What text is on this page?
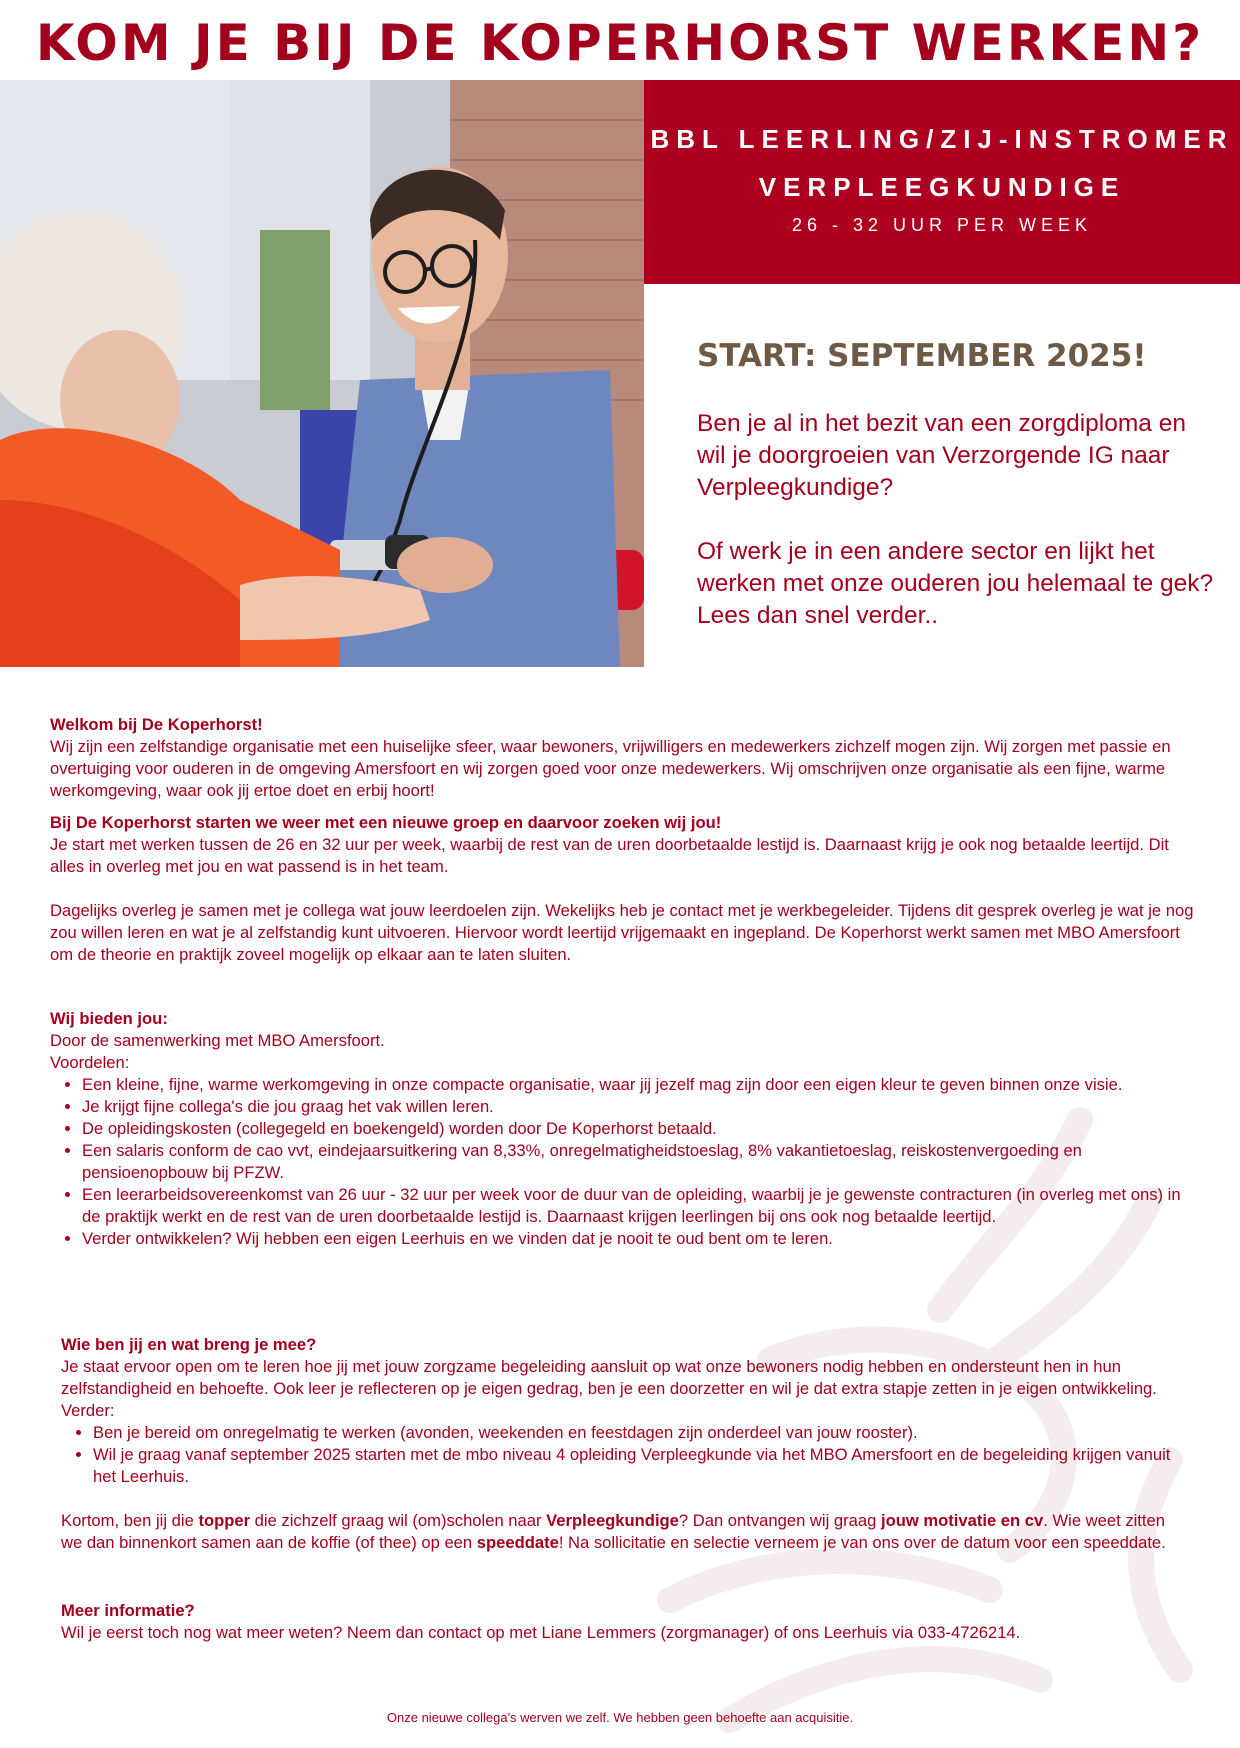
KOM JE BIJ DE KOPERHORST WERKEN?
BBL LEERLING/ZIJ-INSTROMER
VERPLEEGKUNDIGE
26 - 32 UUR PER WEEK
START: SEPTEMBER 2025!

Ben je al in het bezit van een zorgdiploma en wil je doorgroeien van Verzorgende IG naar Verpleegkundige?

Of werk je in een andere sector en lijkt het werken met onze ouderen jou helemaal te gek? Lees dan snel verder..

Welkom bij De Koperhorst!

Wij zijn een zelfstandige organisatie met een huiselijke sfeer, waar bewoners, vrijwilligers en medewerkers zichzelf mogen zijn. Wij zorgen met passie en overtuiging voor ouderen in de omgeving Amersfoort en wij zorgen goed voor onze medewerkers. Wij omschrijven onze organisatie als een fijne, warme werkomgeving, waar ook jij ertoe doet en erbij hoort!

Bij De Koperhorst starten we weer met een nieuwe groep en daarvoor zoeken wij jou!

Je start met werken tussen de 26 en 32 uur per week, waarbij de rest van de uren doorbetaalde lestijd is. Daarnaast krijg je ook nog betaalde leertijd. Dit alles in overleg met jou en wat passend is in het team.

Dagelijks overleg je samen met je collega wat jouw leerdoelen zijn. Wekelijks heb je contact met je werkbegeleider. Tijdens dit gesprek overleg je wat je nog zou willen leren en wat je al zelfstandig kunt uitvoeren. Hiervoor wordt leertijd vrijgemaakt en ingepland. De Koperhorst werkt samen met MBO Amersfoort om de theorie en praktijk zoveel mogelijk op elkaar aan te laten sluiten.

Wij bieden jou:

Door de samenwerking met MBO Amersfoort.

Voordelen:

• Een kleine, fijne, warme werkomgeving in onze compacte organisatie, waar jij jezelf mag zijn door een eigen kleur te geven binnen onze visie.
• Je krijgt fijne collega's die jou graag het vak willen leren.
• De opleidingskosten (collegegeld en boekengeld) worden door De Koperhorst betaald.
• Een salaris conform de cao vvt, eindejaarsuitkering van 8,33%, onregelmatigheidstoeslag, 8% vakantietoeslag, reiskostenvergoeding en pensioenopbouw bij PFZW.
• Een leerarbeidsovereenkomst van 26 uur - 32 uur per week voor de duur van de opleiding, waarbij je je gewenste contracturen (in overleg met ons) in de praktijk werkt en de rest van de uren doorbetaalde lestijd is. Daarnaast krijgen leerlingen bij ons ook nog betaalde leertijd.
• Verder ontwikkelen? Wij hebben een eigen Leerhuis en we vinden dat je nooit te oud bent om te leren.

Wie ben jij en wat breng je mee?

Je staat ervoor open om te leren hoe jij met jouw zorgzame begeleiding aansluit op wat onze bewoners nodig hebben en ondersteunt hen in hun zelfstandigheid en behoefte. Ook leer je reflecteren op je eigen gedrag, ben je een doorzetter en wil je dat extra stapje zetten in je eigen ontwikkeling. Verder:

• Ben je bereid om onregelmatig te werken (avonden, weekenden en feestdagen zijn onderdeel van jouw rooster).
• Wil je graag vanaf september 2025 starten met de mbo niveau 4 opleiding Verpleegkunde via het MBO Amersfoort en de begeleiding krijgen vanuit het Leerhuis.

Kortom, ben jij die topper die zichzelf graag wil (om)scholen naar Verpleegkundige? Dan ontvangen wij graag jouw motivatie en cv. Wie weet zitten we dan binnenkort samen aan de koffie (of thee) op een speeddate! Na sollicitatie en selectie verneem je van ons over de datum voor een speeddate.

Meer informatie?

Wil je eerst toch nog wat meer weten? Neem dan contact op met Liane Lemmers (zorgmanager) of ons Leerhuis via 033-4726214.

Onze nieuwe collega's werven we zelf. We hebben geen behoefte aan acquisitie.
